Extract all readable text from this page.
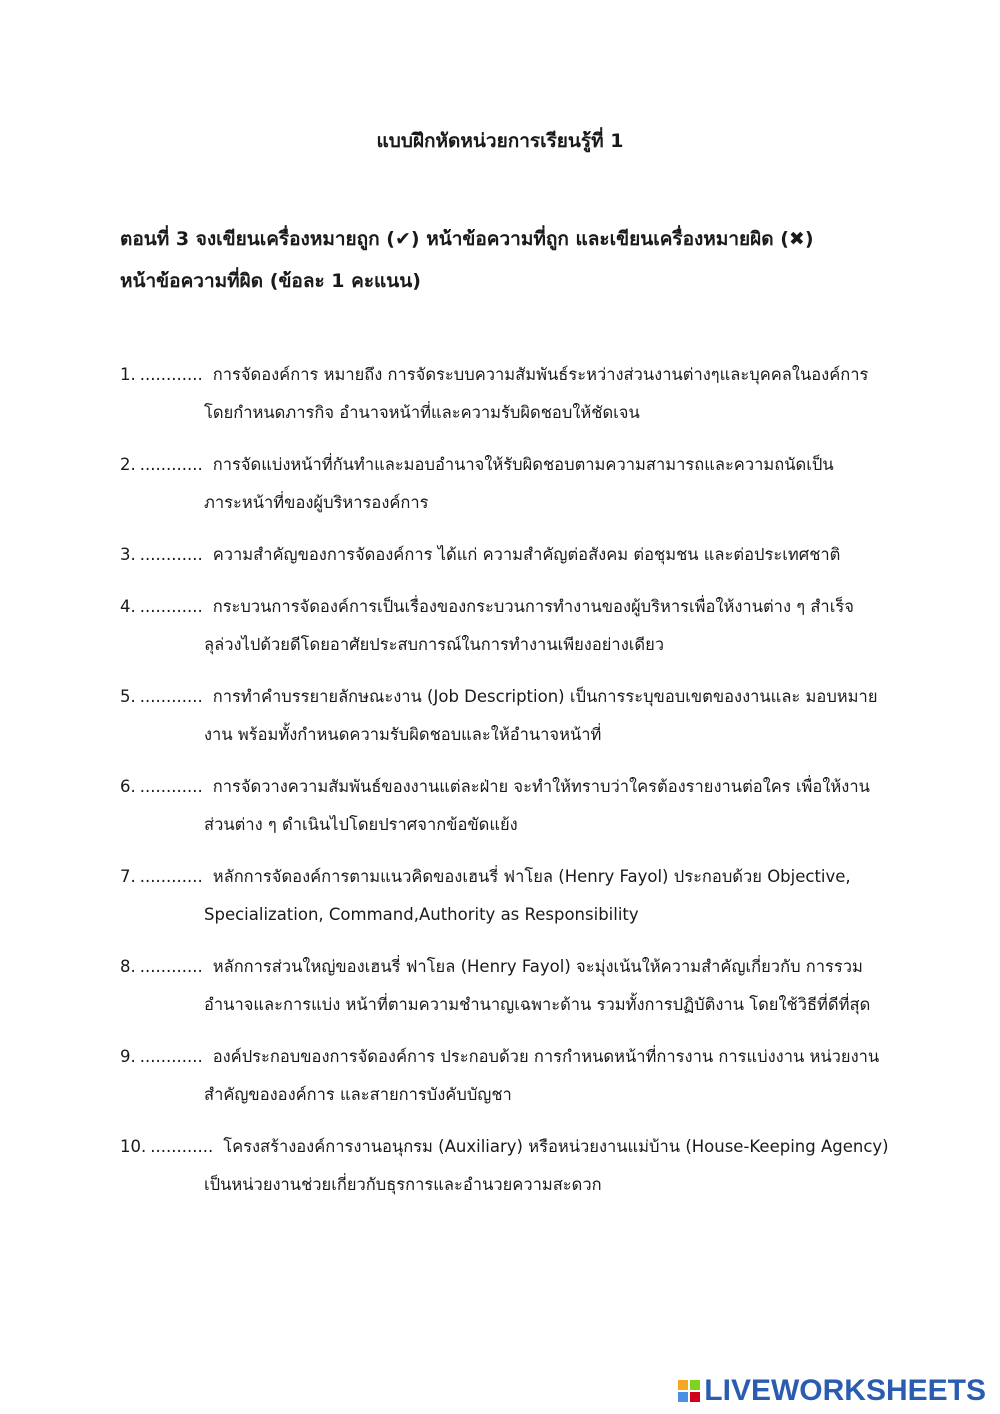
แบบฝึกหัดหน่วยการเรียนรู้ที่ 1
ตอนที่ 3 จงเขียนเครื่องหมายถูก (✔) หน้าข้อความที่ถูก และเขียนเครื่องหมายผิด (✖)
หน้าข้อความที่ผิด (ข้อละ 1 คะแนน)
1. ............ การจัดองค์การ หมายถึง การจัดระบบความสัมพันธ์ระหว่างส่วนงานต่างๆและบุคคลในองค์การ
โดยกำหนดภารกิจ อำนาจหน้าที่และความรับผิดชอบให้ชัดเจน
2. ............ การจัดแบ่งหน้าที่กันทำและมอบอำนาจให้รับผิดชอบตามความสามารถและความถนัดเป็น
ภาระหน้าที่ของผู้บริหารองค์การ
3. ............ ความสำคัญของการจัดองค์การ ได้แก่ ความสำคัญต่อสังคม ต่อชุมชน และต่อประเทศชาติ
4. ............ กระบวนการจัดองค์การเป็นเรื่องของกระบวนการทำงานของผู้บริหารเพื่อให้งานต่าง ๆ สำเร็จ
ลุล่วงไปด้วยดีโดยอาศัยประสบการณ์ในการทำงานเพียงอย่างเดียว
5. ............ การทำคำบรรยายลักษณะงาน (Job Description) เป็นการระบุขอบเขตของงานและ มอบหมาย
งาน พร้อมทั้งกำหนดความรับผิดชอบและให้อำนาจหน้าที่
6. ............ การจัดวางความสัมพันธ์ของงานแต่ละฝ่าย จะทำให้ทราบว่าใครต้องรายงานต่อใคร เพื่อให้งาน
ส่วนต่าง ๆ ดำเนินไปโดยปราศจากข้อขัดแย้ง
7. ............ หลักการจัดองค์การตามแนวคิดของเฮนรี่ ฟาโยล (Henry Fayol) ประกอบด้วย Objective,
Specialization, Command,Authority as Responsibility
8. ............ หลักการส่วนใหญ่ของเฮนรี่ ฟาโยล (Henry Fayol) จะมุ่งเน้นให้ความสำคัญเกี่ยวกับ การรวม
อำนาจและการแบ่ง หน้าที่ตามความชำนาญเฉพาะด้าน รวมทั้งการปฏิบัติงาน โดยใช้วิธีที่ดีที่สุด
9. ............ องค์ประกอบของการจัดองค์การ ประกอบด้วย การกำหนดหน้าที่การงาน การแบ่งงาน หน่วยงาน
สำคัญขององค์การ และสายการบังคับบัญชา
10. ............ โครงสร้างองค์การงานอนุกรม (Auxiliary) หรือหน่วยงานแม่บ้าน (House-Keeping Agency)
เป็นหน่วยงานช่วยเกี่ยวกับธุรการและอำนวยความสะดวก
LIVEWORKSHEETS
